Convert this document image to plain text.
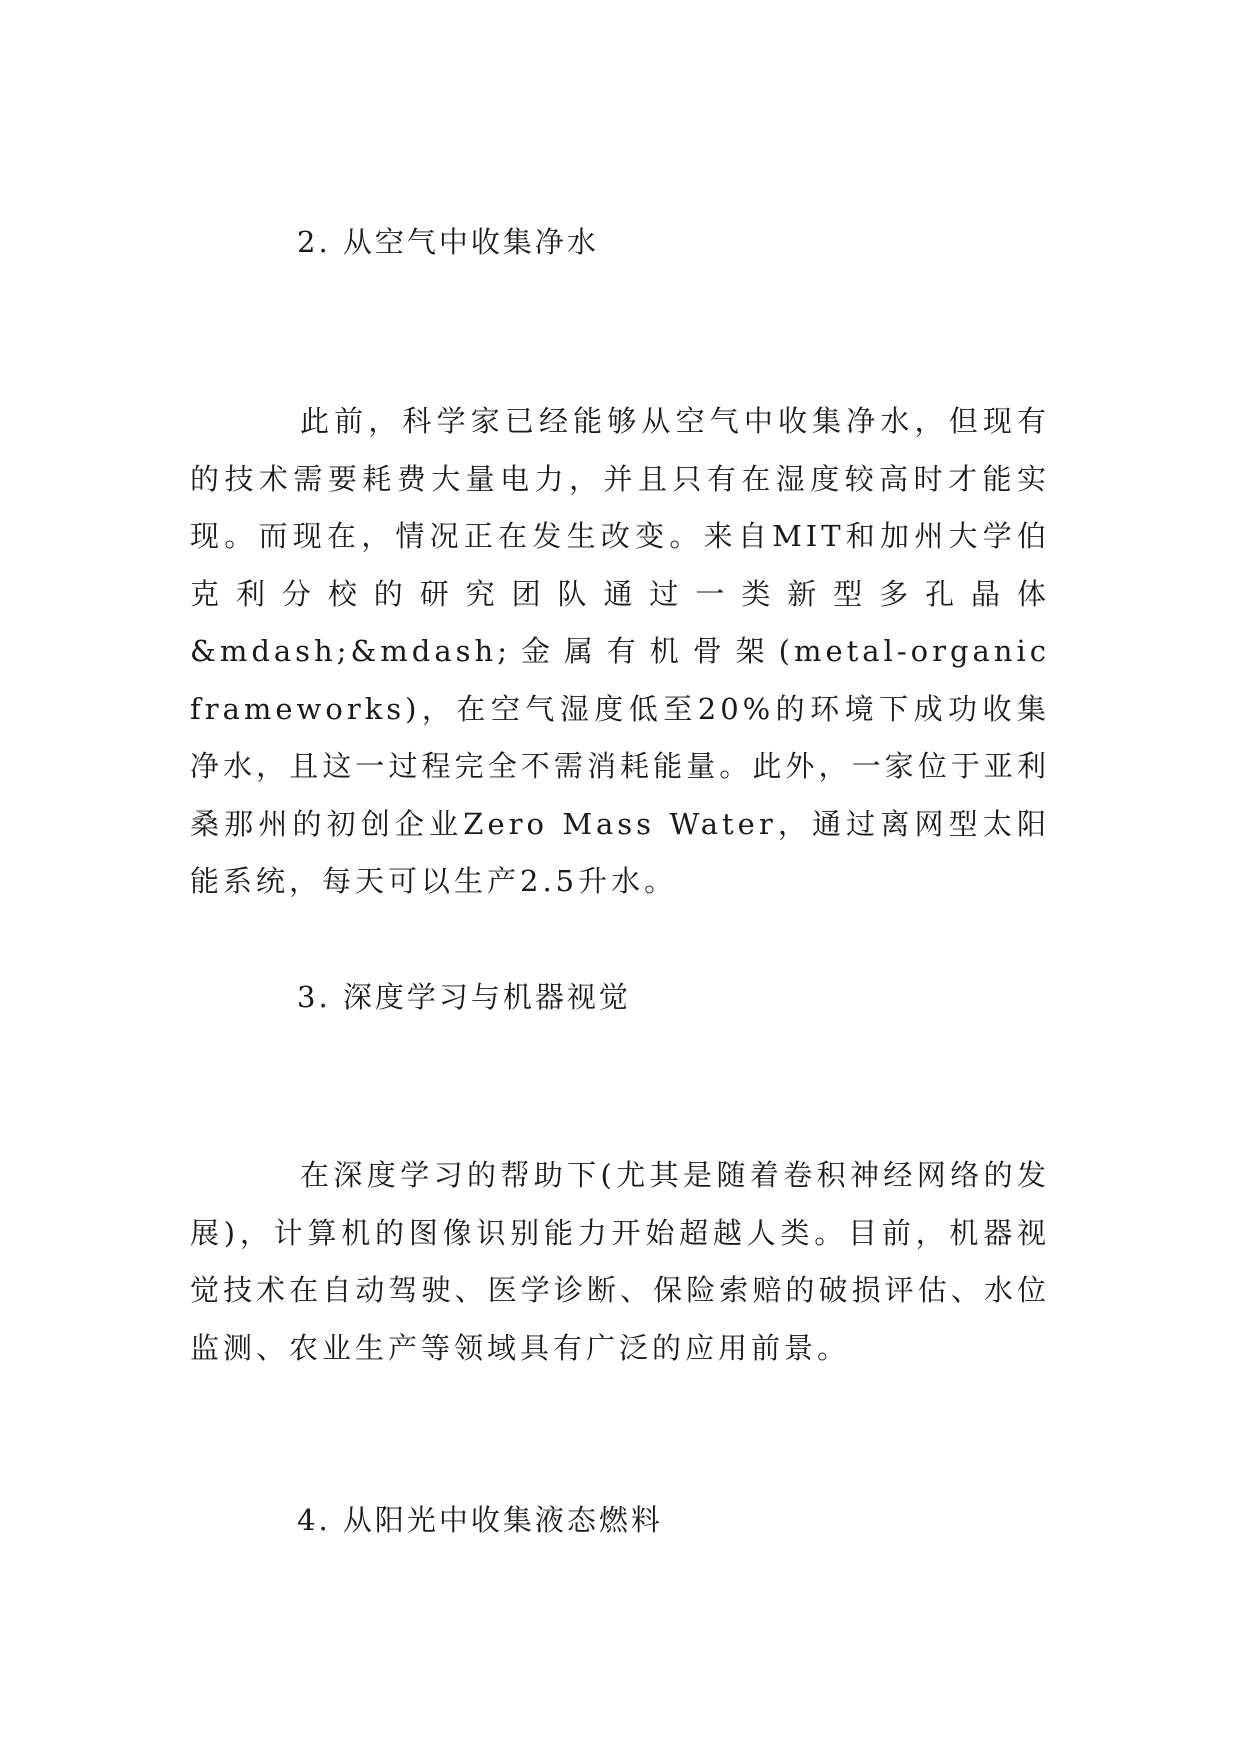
2. 从空气中收集净水

此前，科学家已经能够从空气中收集净水，但现有的技术需要耗费大量电力，并且只有在湿度较高时才能实现。而现在，情况正在发生改变。来自MIT和加州大学伯克利分校的研究团队通过一类新型多孔晶体&mdash;&mdash;金属有机骨架(metal-organic frameworks)，在空气湿度低至20%的环境下成功收集净水，且这一过程完全不需消耗能量。此外，一家位于亚利桑那州的初创企业Zero Mass Water，通过离网型太阳能系统，每天可以生产2.5升水。

3. 深度学习与机器视觉

在深度学习的帮助下(尤其是随着卷积神经网络的发展)，计算机的图像识别能力开始超越人类。目前，机器视觉技术在自动驾驶、医学诊断、保险索赔的破损评估、水位监测、农业生产等领域具有广泛的应用前景。

4. 从阳光中收集液态燃料
